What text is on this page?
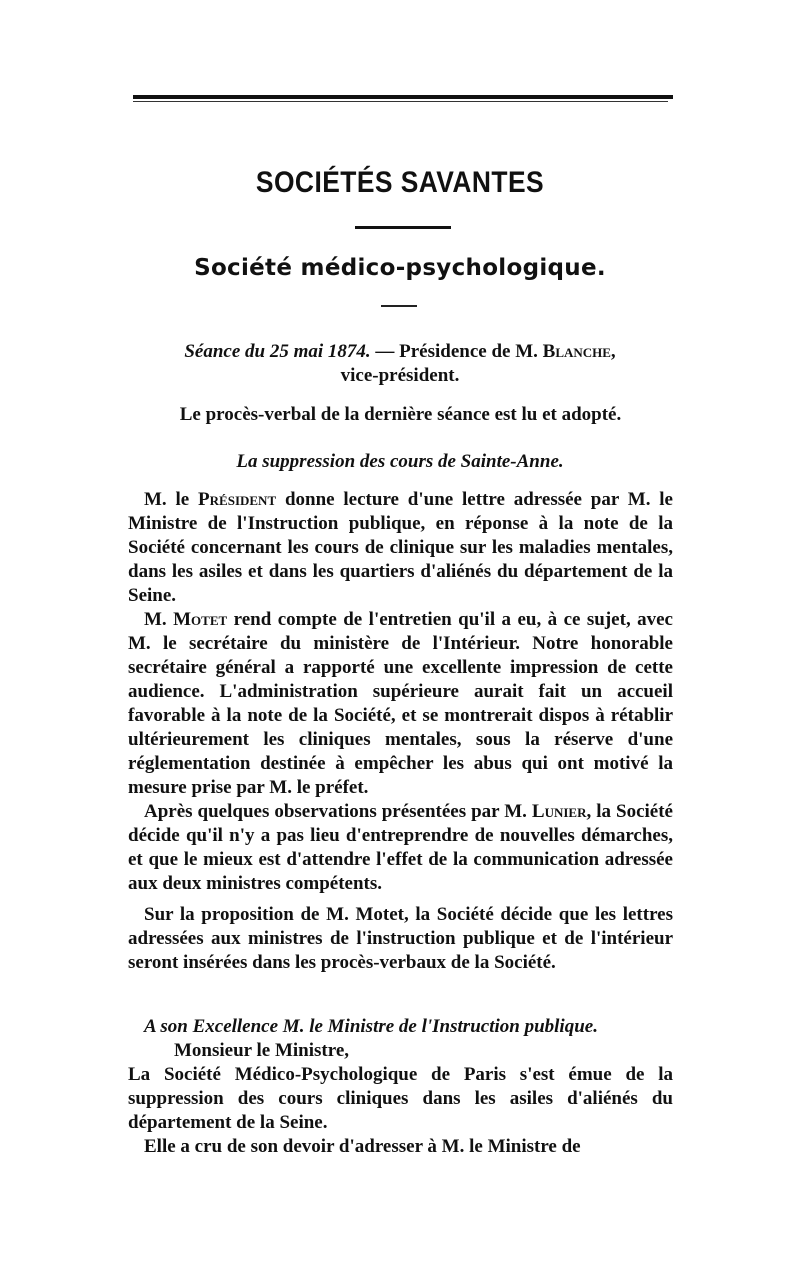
SOCIÉTÉS SAVANTES
Société médico-psychologique.
Séance du 25 mai 1874. — Présidence de M. Blanche,
vice-président.

Le procès-verbal de la dernière séance est lu et adopté.

La suppression des cours de Sainte-Anne.

M. le Président donne lecture d'une lettre adressée par M. le Ministre de l'Instruction publique, en réponse à la note de la Société concernant les cours de clinique sur les maladies mentales, dans les asiles et dans les quartiers d'aliénés du département de la Seine.

M. Motet rend compte de l'entretien qu'il a eu, à ce sujet, avec M. le secrétaire du ministère de l'Intérieur. Notre honorable secrétaire général a rapporté une excellente impression de cette audience. L'administration supérieure aurait fait un accueil favorable à la note de la Société, et se montrerait dispos à rétablir ultérieurement les cliniques mentales, sous la réserve d'une réglementation destinée à empêcher les abus qui ont motivé la mesure prise par M. le préfet.

Après quelques observations présentées par M. Lunier, la Société décide qu'il n'y a pas lieu d'entreprendre de nouvelles démarches, et que le mieux est d'attendre l'effet de la communication adressée aux deux ministres compétents.

Sur la proposition de M. Motet, la Société décide que les lettres adressées aux ministres de l'instruction publique et de l'intérieur seront insérées dans les procès-verbaux de la Société.

A son Excellence M. le Ministre de l'Instruction publique.

Monsieur le Ministre,

La Société Médico-Psychologique de Paris s'est émue de la suppression des cours cliniques dans les asiles d'aliénés du département de la Seine.

Elle a cru de son devoir d'adresser à M. le Ministre de
